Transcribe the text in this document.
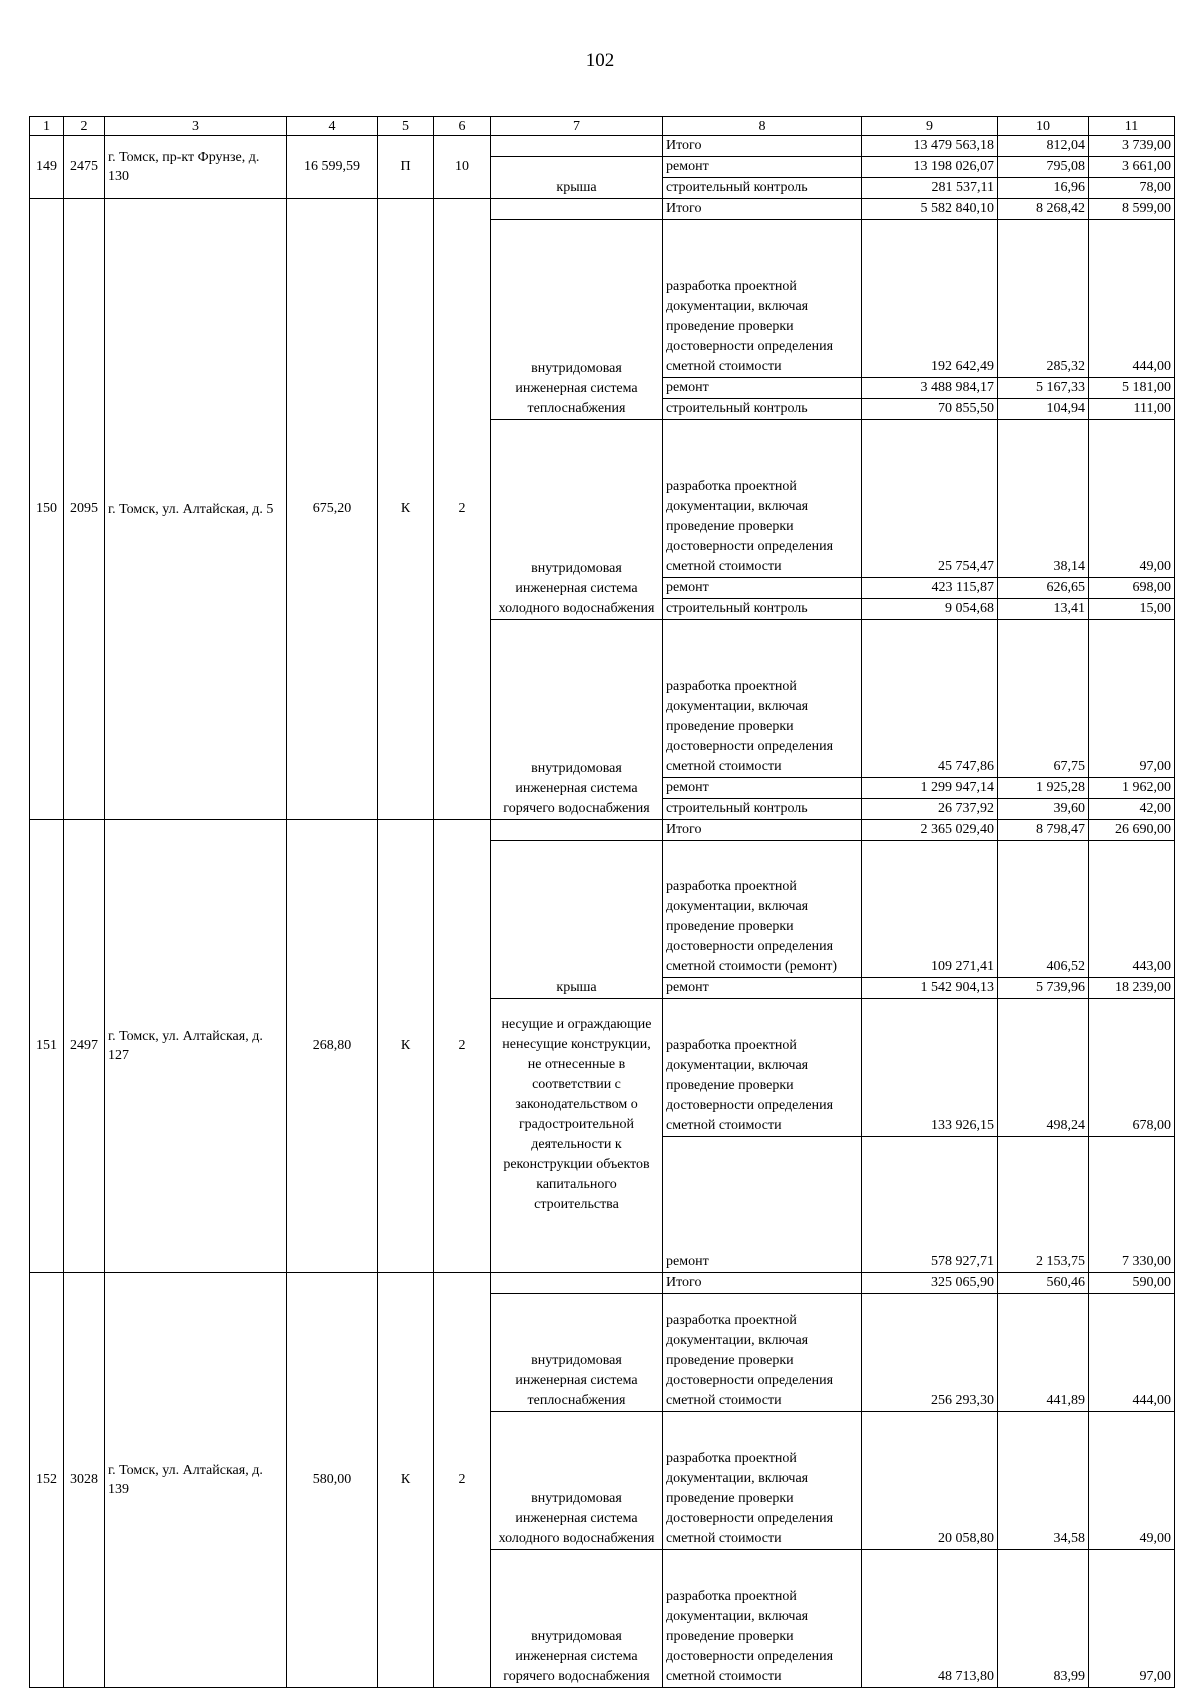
102
1	2	3	4	5	6	7	8	9	10	11
149	2475	г. Томск, пр-кт Фрунзе, д. 130	16 599,59	П	10		Итого	13 479 563,18	812,04	3 739,00
						крыша	ремонт	13 198 026,07	795,08	3 661,00
							строительный контроль	281 537,11	16,96	78,00
150	2095	г. Томск, ул. Алтайская, д. 5	675,20	К	2		Итого	5 582 840,10	8 268,42	8 599,00
						внутридомовая инженерная система теплоснабжения	разработка проектной документации, включая проведение проверки достоверности определения сметной стоимости	192 642,49	285,32	444,00
							ремонт	3 488 984,17	5 167,33	5 181,00
							строительный контроль	70 855,50	104,94	111,00
						внутридомовая инженерная система холодного водоснабжения	разработка проектной документации, включая проведение проверки достоверности определения сметной стоимости	25 754,47	38,14	49,00
							ремонт	423 115,87	626,65	698,00
							строительный контроль	9 054,68	13,41	15,00
						внутридомовая инженерная система горячего водоснабжения	разработка проектной документации, включая проведение проверки достоверности определения сметной стоимости	45 747,86	67,75	97,00
							ремонт	1 299 947,14	1 925,28	1 962,00
							строительный контроль	26 737,92	39,60	42,00
151	2497	г. Томск, ул. Алтайская, д. 127	268,80	К	2		Итого	2 365 029,40	8 798,47	26 690,00
						крыша	разработка проектной документации, включая проведение проверки достоверности определения сметной стоимости (ремонт)	109 271,41	406,52	443,00
							ремонт	1 542 904,13	5 739,96	18 239,00
						несущие и ограждающие ненесущие конструкции, не отнесенные в соответствии с законодательством о градостроительной деятельности к реконструкции объектов капитального строительства	разработка проектной документации, включая проведение проверки достоверности определения сметной стоимости	133 926,15	498,24	678,00
							ремонт	578 927,71	2 153,75	7 330,00
152	3028	г. Томск, ул. Алтайская, д. 139	580,00	К	2		Итого	325 065,90	560,46	590,00
						внутридомовая инженерная система теплоснабжения	разработка проектной документации, включая проведение проверки достоверности определения сметной стоимости	256 293,30	441,89	444,00
						внутридомовая инженерная система холодного водоснабжения	разработка проектной документации, включая проведение проверки достоверности определения сметной стоимости	20 058,80	34,58	49,00
						внутридомовая инженерная система горячего водоснабжения	разработка проектной документации, включая проведение проверки достоверности определения сметной стоимости	48 713,80	83,99	97,00
